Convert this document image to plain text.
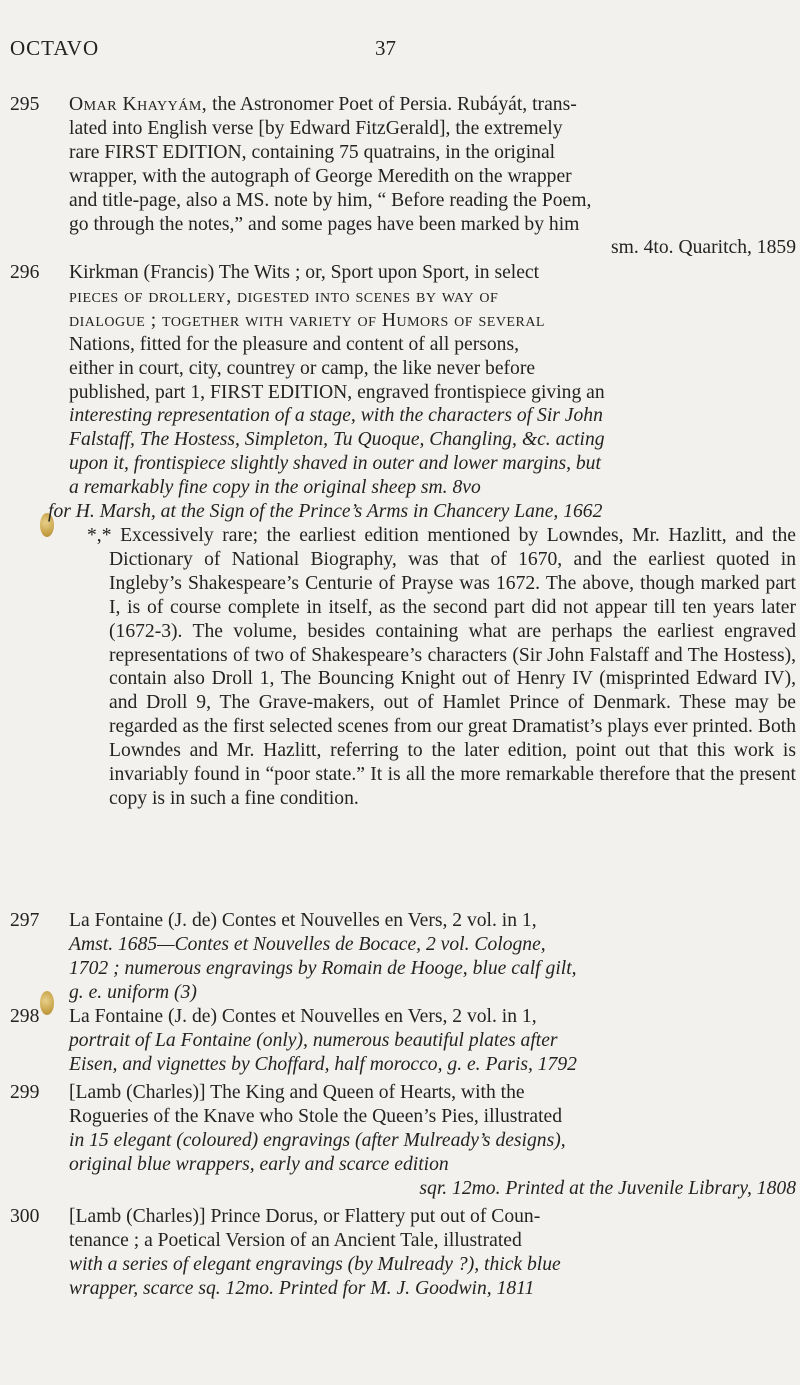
OCTAVO	37
295	Omar Khayyám, the Astronomer Poet of Persia. Rubáyát, trans-
lated into English verse [by Edward FitzGerald], the extremely
rare FIRST EDITION, containing 75 quatrains, in the original
wrapper, with the autograph of George Meredith on the wrapper
and title-page, also a MS. note by him, “ Before reading the Poem,
go through the notes,” and some pages have been marked by him
sm. 4to. Quaritch, 1859
296	Kirkman (Francis) The Wits ; or, Sport upon Sport, in select
pieces of drollery, digested into scenes by way of
dialogue ; together with variety of Humors of several
Nations, fitted for the pleasure and content of all persons,
either in court, city, countrey or camp, the like never before
published, part 1, FIRST EDITION, engraved frontispiece giving an
interesting representation of a stage, with the characters of Sir John
Falstaff, The Hostess, Simpleton, Tu Quoque, Changling, &c. acting
upon it, frontispiece slightly shaved in outer and lower margins, but
a remarkably fine copy in the original sheep sm. 8vo
for H. Marsh, at the Sign of the Prince’s Arms in Chancery Lane, 1662
*,* Excessively rare; the earliest edition mentioned by Lowndes, Mr. Hazlitt, and the Dictionary of National Biography, was that of 1670, and the earliest quoted in Ingleby’s Shakespeare’s Centurie of Prayse was 1672. The above, though marked part I, is of course complete in itself, as the second part did not appear till ten years later (1672-3). The volume, besides containing what are perhaps the earliest engraved representations of two of Shakespeare’s characters (Sir John Falstaff and The Hostess), contain also Droll 1, The Bouncing Knight out of Henry IV (misprinted Edward IV), and Droll 9, The Grave-makers, out of Hamlet Prince of Denmark. These may be regarded as the first selected scenes from our great Dramatist’s plays ever printed. Both Lowndes and Mr. Hazlitt, referring to the later edition, point out that this work is invariably found in “poor state.” It is all the more remarkable therefore that the present copy is in such a fine condition.
297	La Fontaine (J. de) Contes et Nouvelles en Vers, 2 vol. in 1,
Amst. 1685—Contes et Nouvelles de Bocace, 2 vol. Cologne,
1702 ; numerous engravings by Romain de Hooge, blue calf gilt,
g. e. uniform (3)
298	La Fontaine (J. de) Contes et Nouvelles en Vers, 2 vol. in 1,
portrait of La Fontaine (only), numerous beautiful plates after
Eisen, and vignettes by Choffard, half morocco, g. e. Paris, 1792
299	[Lamb (Charles)] The King and Queen of Hearts, with the
Rogueries of the Knave who Stole the Queen’s Pies, illustrated
in 15 elegant (coloured) engravings (after Mulready’s designs),
original blue wrappers, early and scarce edition
sqr. 12mo. Printed at the Juvenile Library, 1808
300	[Lamb (Charles)] Prince Dorus, or Flattery put out of Coun-
tenance ; a Poetical Version of an Ancient Tale, illustrated
with a series of elegant engravings (by Mulready ?), thick blue
wrapper, scarce sq. 12mo. Printed for M. J. Goodwin, 1811
